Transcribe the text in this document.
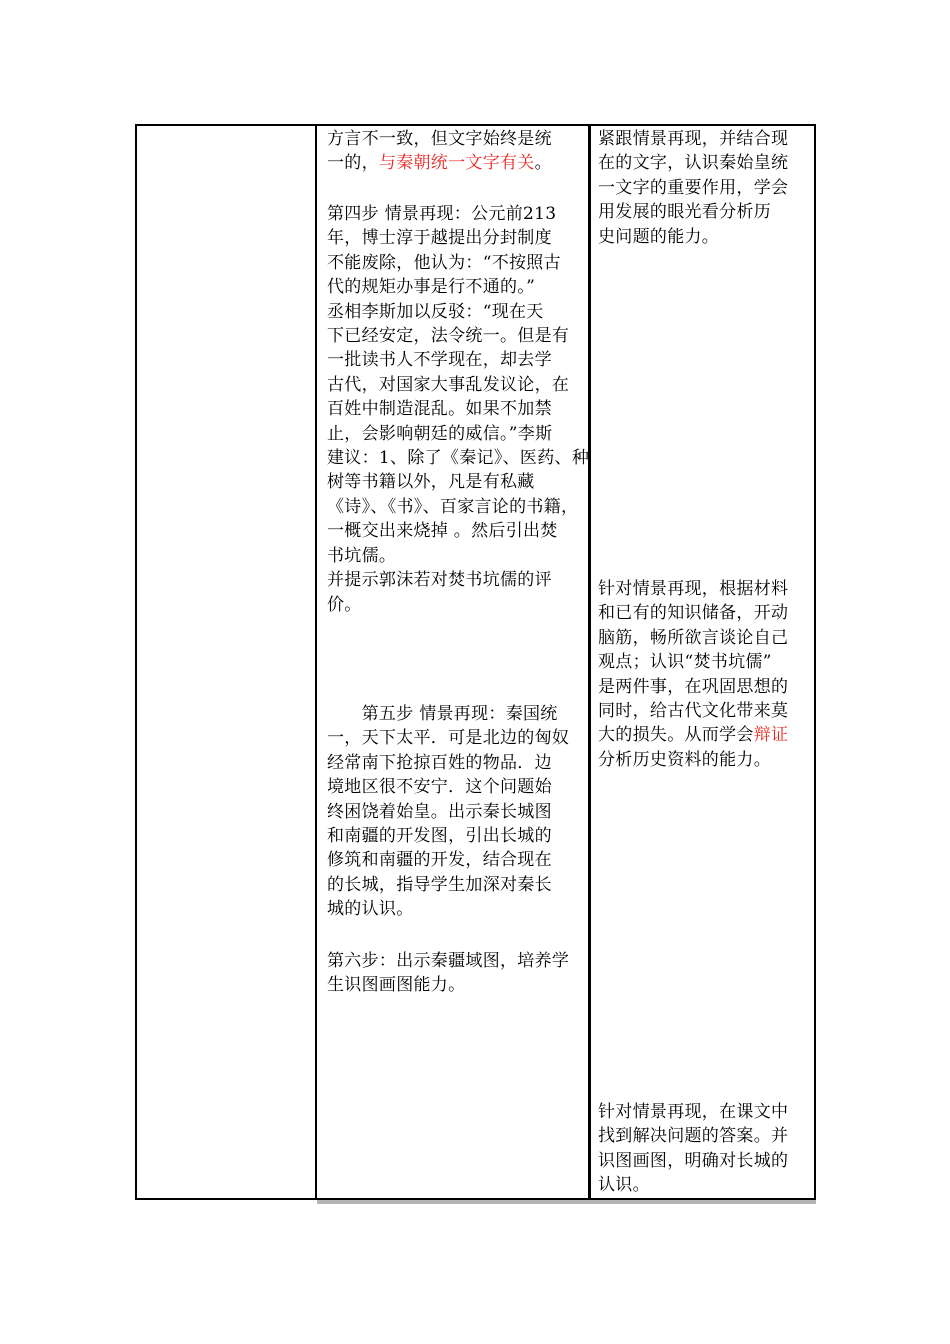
方言不一致，但文字始终是统
一的，与秦朝统一文字有关。
第四步 情景再现：公元前213
年，博士淳于越提出分封制度
不能废除，他认为：“不按照古
代的规矩办事是行不通的。”
丞相李斯加以反驳：“现在天
下已经安定，法令统一。但是有
一批读书人不学现在，却去学
古代，对国家大事乱发议论，在
百姓中制造混乱。如果不加禁
止，会影响朝廷的威信。”李斯
建议：1、除了《秦记》、医药、种
树等书籍以外，凡是有私藏
《诗》、《书》、百家言论的书籍，
一概交出来烧掉 。然后引出焚
书坑儒。
并提示郭沫若对焚书坑儒的评
价。
　　第五步 情景再现：秦国统
一，天下太平．可是北边的匈奴
经常南下抢掠百姓的物品．边
境地区很不安宁．这个问题始
终困饶着始皇。出示秦长城图
和南疆的开发图，引出长城的
修筑和南疆的开发，结合现在
的长城，指导学生加深对秦长
城的认识。
第六步：出示秦疆域图，培养学
生识图画图能力。
紧跟情景再现，并结合现
在的文字，认识秦始皇统
一文字的重要作用，学会
用发展的眼光看分析历
史问题的能力。
针对情景再现，根据材料
和已有的知识储备，开动
脑筋，畅所欲言谈论自己
观点；认识“焚书坑儒”
是两件事，在巩固思想的
同时，给古代文化带来莫
大的损失。从而学会辩证
分析历史资料的能力。
针对情景再现，在课文中
找到解决问题的答案。并
识图画图，明确对长城的
认识。
